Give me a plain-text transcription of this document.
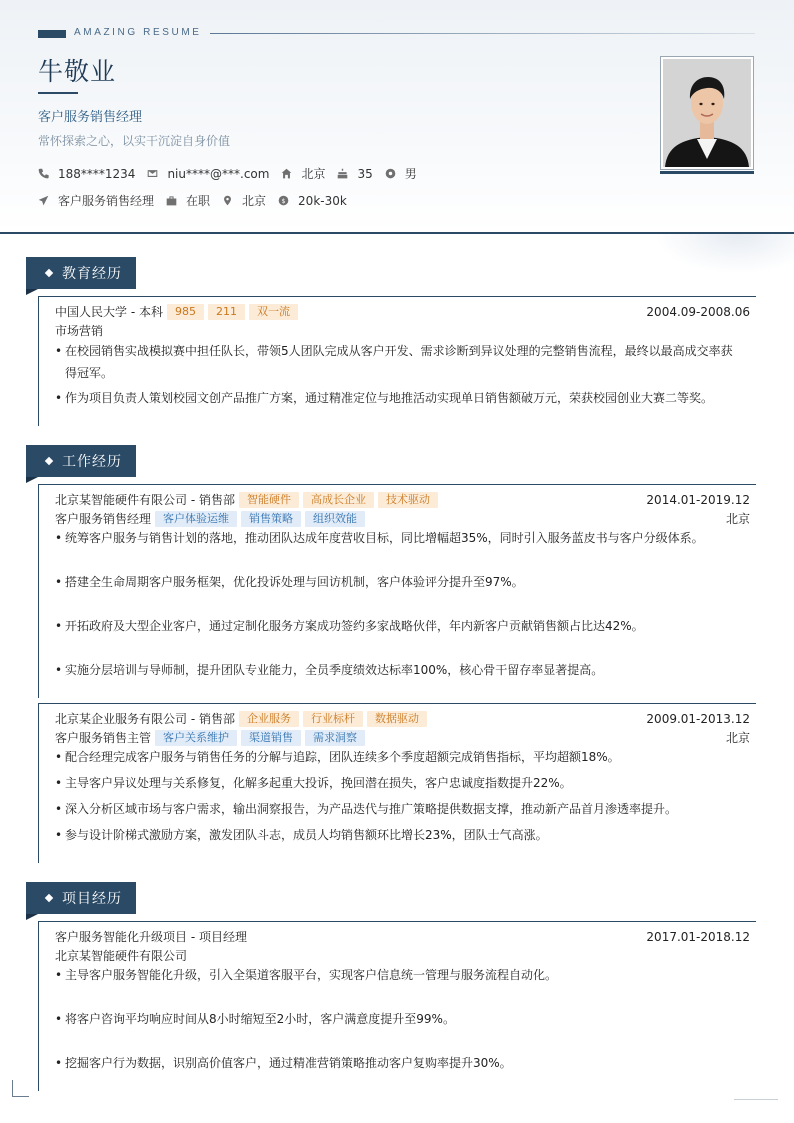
AMAZING RESUME
牛敬业
客户服务销售经理
常怀探索之心，以实干沉淀自身价值
188****1234	niu****@***.com	北京	35	男
客户服务销售经理	在职	北京 $ 20k-30k
教育经历
中国人民大学 - 本科	985	211	双一流	2004.09-2008.06
市场营销
• 在校园销售实战模拟赛中担任队长，带领5人团队完成从客户开发、需求诊断到异议处理的完整销售流程，最终以最高成交率获得冠军。
• 作为项目负责人策划校园文创产品推广方案，通过精准定位与地推活动实现单日销售额破万元，荣获校园创业大赛二等奖。
工作经历
北京某智能硬件有限公司 - 销售部	智能硬件	高成长企业	技术驱动	2014.01-2019.12
客户服务销售经理	客户体验运维	销售策略	组织效能	北京
• 统筹客户服务与销售计划的落地，推动团队达成年度营收目标，同比增幅超35%，同时引入服务蓝皮书与客户分级体系。
• 搭建全生命周期客户服务框架，优化投诉处理与回访机制，客户体验评分提升至97%。
• 开拓政府及大型企业客户，通过定制化服务方案成功签约多家战略伙伴，年内新客户贡献销售额占比达42%。
• 实施分层培训与导师制，提升团队专业能力，全员季度绩效达标率100%，核心骨干留存率显著提高。
北京某企业服务有限公司 - 销售部	企业服务	行业标杆	数据驱动	2009.01-2013.12
客户服务销售主管	客户关系维护	渠道销售	需求洞察	北京
• 配合经理完成客户服务与销售任务的分解与追踪，团队连续多个季度超额完成销售指标，平均超额18%。
• 主导客户异议处理与关系修复，化解多起重大投诉，挽回潜在损失，客户忠诚度指数提升22%。
• 深入分析区域市场与客户需求，输出洞察报告，为产品迭代与推广策略提供数据支撑，推动新产品首月渗透率提升。
• 参与设计阶梯式激励方案，激发团队斗志，成员人均销售额环比增长23%，团队士气高涨。
项目经历
客户服务智能化升级项目 - 项目经理	2017.01-2018.12
北京某智能硬件有限公司
• 主导客户服务智能化升级，引入全渠道客服平台，实现客户信息统一管理与服务流程自动化。
• 将客户咨询平均响应时间从8小时缩短至2小时，客户满意度提升至99%。
• 挖掘客户行为数据，识别高价值客户，通过精准营销策略推动客户复购率提升30%。
